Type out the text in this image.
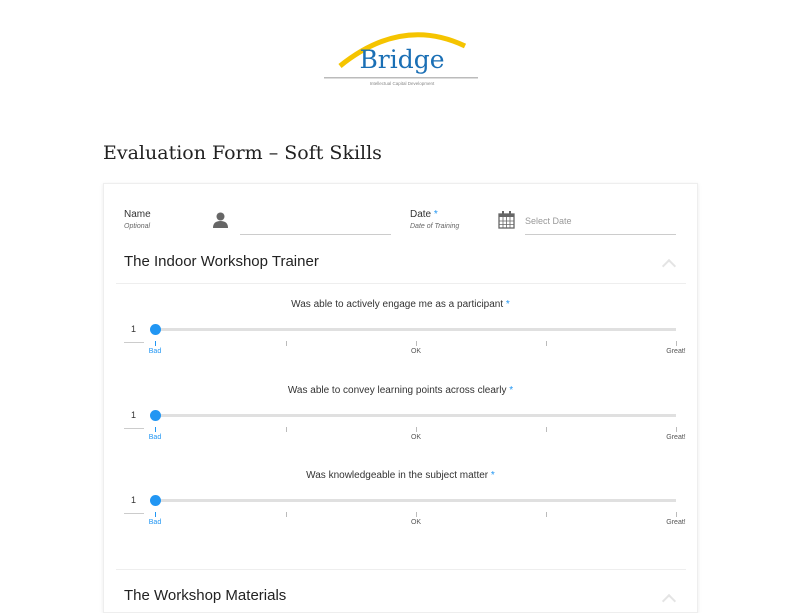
Bridge
Intellectual Capital Development
Evaluation Form – Soft Skills
Name
Optional
Date *
Date of Training
Select Date
The Indoor Workshop Trainer
Was able to actively engage me as a participant *
1
Bad	OK	Great!
Was able to convey learning points across clearly *
1
Bad	OK	Great!
Was knowledgeable in the subject matter *
1
Bad	OK	Great!
The Workshop Materials
